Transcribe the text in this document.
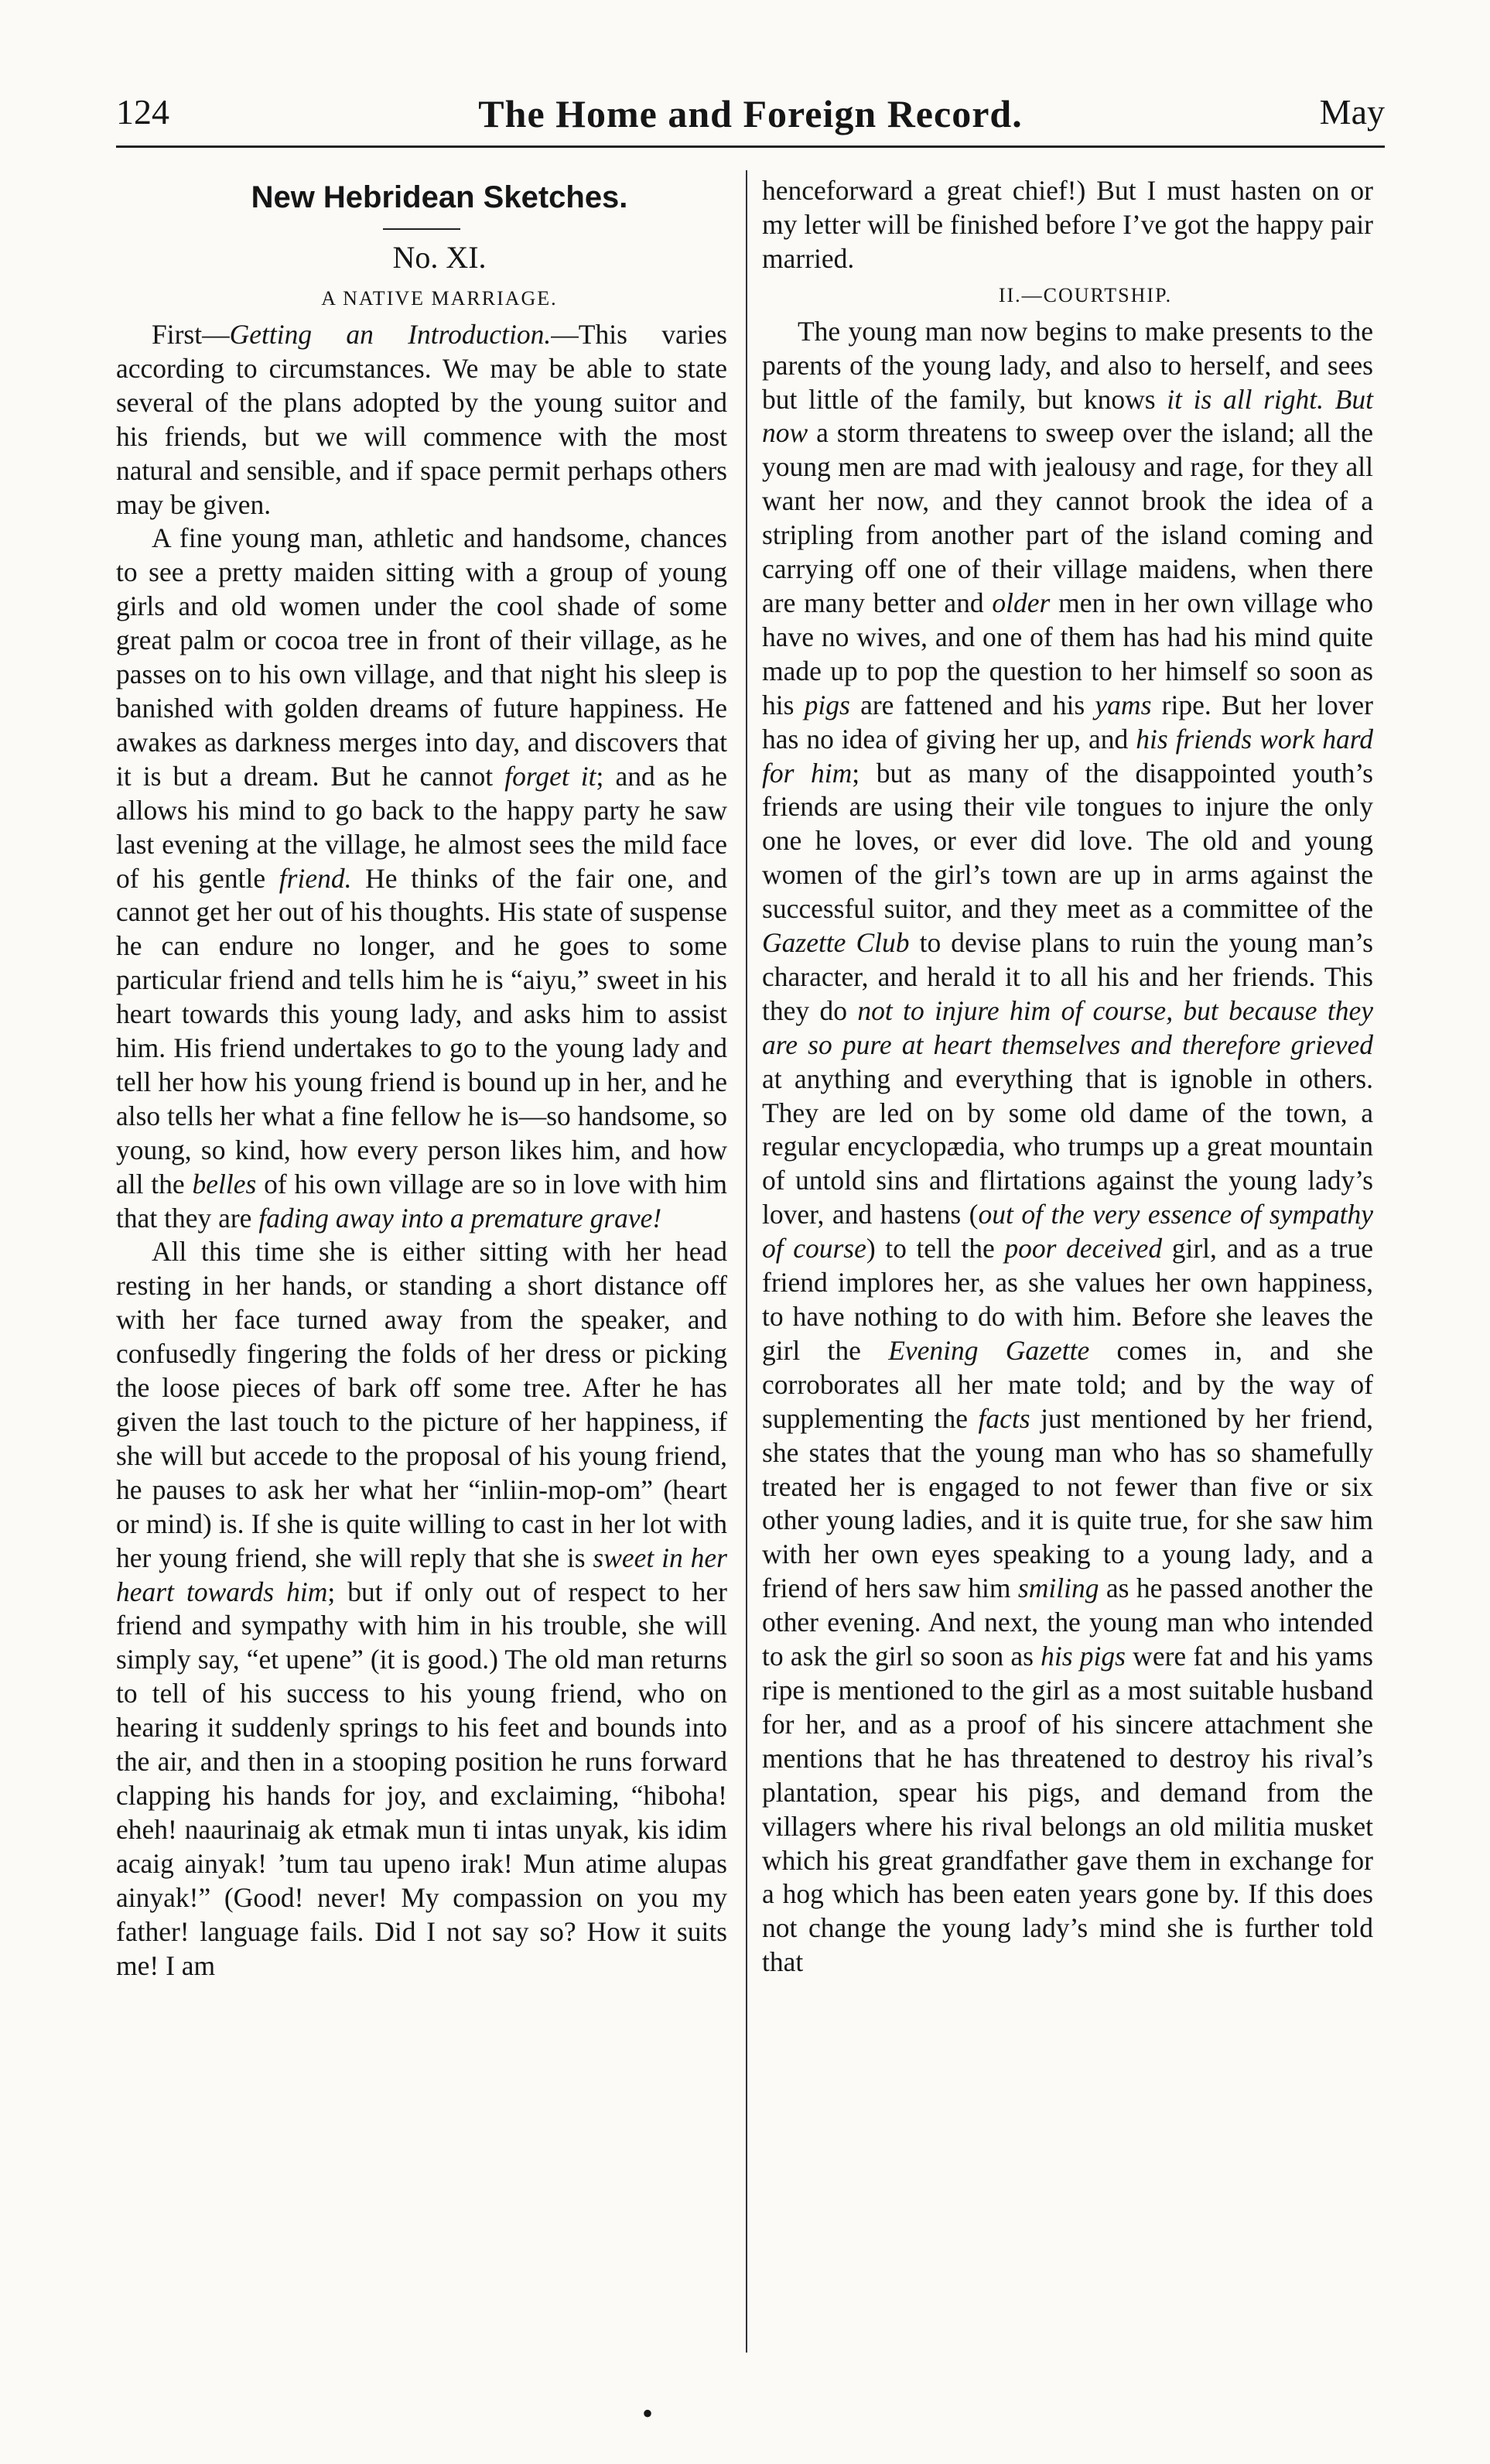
124	The Home and Foreign Record.	May

New Hebridean Sketches.

No. XI.

A NATIVE MARRIAGE.

First—Getting an Introduction.—This varies according to circumstances. We may be able to state several of the plans adopted by the young suitor and his friends, but we will commence with the most natural and sensible, and if space permit perhaps others may be given.

A fine young man, athletic and handsome, chances to see a pretty maiden sitting with a group of young girls and old women under the cool shade of some great palm or cocoa tree in front of their village, as he passes on to his own village, and that night his sleep is banished with golden dreams of future happiness. He awakes as darkness merges into day, and discovers that it is but a dream. But he cannot forget it; and as he allows his mind to go back to the happy party he saw last evening at the village, he almost sees the mild face of his gentle friend. He thinks of the fair one, and cannot get her out of his thoughts. His state of suspense he can endure no longer, and he goes to some particular friend and tells him he is “aiyu,” sweet in his heart towards this young lady, and asks him to assist him. His friend undertakes to go to the young lady and tell her how his young friend is bound up in her, and he also tells her what a fine fellow he is—so handsome, so young, so kind, how every person likes him, and how all the belles of his own village are so in love with him that they are fading away into a premature grave!

All this time she is either sitting with her head resting in her hands, or standing a short distance off with her face turned away from the speaker, and confusedly fingering the folds of her dress or picking the loose pieces of bark off some tree. After he has given the last touch to the picture of her happiness, if she will but accede to the proposal of his young friend, he pauses to ask her what her “inliin-mop-om” (heart or mind) is. If she is quite willing to cast in her lot with her young friend, she will reply that she is sweet in her heart towards him; but if only out of respect to her friend and sympathy with him in his trouble, she will simply say, “et upene” (it is good.) The old man returns to tell of his success to his young friend, who on hearing it suddenly springs to his feet and bounds into the air, and then in a stooping position he runs forward clapping his hands for joy, and exclaiming, “hiboha! eheh! naaurinaig ak etmak mun ti intas unyak, kis idim acaig ainyak! ’tum tau upeno irak! Mun atime alupas ainyak!” (Good! never! My compassion on you my father! language fails. Did I not say so? How it suits me! I am

henceforward a great chief!) But I must hasten on or my letter will be finished before I’ve got the happy pair married.

II.—COURTSHIP.

The young man now begins to make presents to the parents of the young lady, and also to herself, and sees but little of the family, but knows it is all right. But now a storm threatens to sweep over the island; all the young men are mad with jealousy and rage, for they all want her now, and they cannot brook the idea of a stripling from another part of the island coming and carrying off one of their village maidens, when there are many better and older men in her own village who have no wives, and one of them has had his mind quite made up to pop the question to her himself so soon as his pigs are fattened and his yams ripe. But her lover has no idea of giving her up, and his friends work hard for him; but as many of the disappointed youth’s friends are using their vile tongues to injure the only one he loves, or ever did love. The old and young women of the girl’s town are up in arms against the successful suitor, and they meet as a committee of the Gazette Club to devise plans to ruin the young man’s character, and herald it to all his and her friends. This they do not to injure him of course, but because they are so pure at heart themselves and therefore grieved at anything and everything that is ignoble in others. They are led on by some old dame of the town, a regular encyclopædia, who trumps up a great mountain of untold sins and flirtations against the young lady’s lover, and hastens (out of the very essence of sympathy of course) to tell the poor deceived girl, and as a true friend implores her, as she values her own happiness, to have nothing to do with him. Before she leaves the girl the Evening Gazette comes in, and she corroborates all her mate told; and by the way of supplementing the facts just mentioned by her friend, she states that the young man who has so shamefully treated her is engaged to not fewer than five or six other young ladies, and it is quite true, for she saw him with her own eyes speaking to a young lady, and a friend of hers saw him smiling as he passed another the other evening. And next, the young man who intended to ask the girl so soon as his pigs were fat and his yams ripe is mentioned to the girl as a most suitable husband for her, and as a proof of his sincere attachment she mentions that he has threatened to destroy his rival’s plantation, spear his pigs, and demand from the villagers where his rival belongs an old militia musket which his great grandfather gave them in exchange for a hog which has been eaten years gone by. If this does not change the young lady’s mind she is further told that

•
